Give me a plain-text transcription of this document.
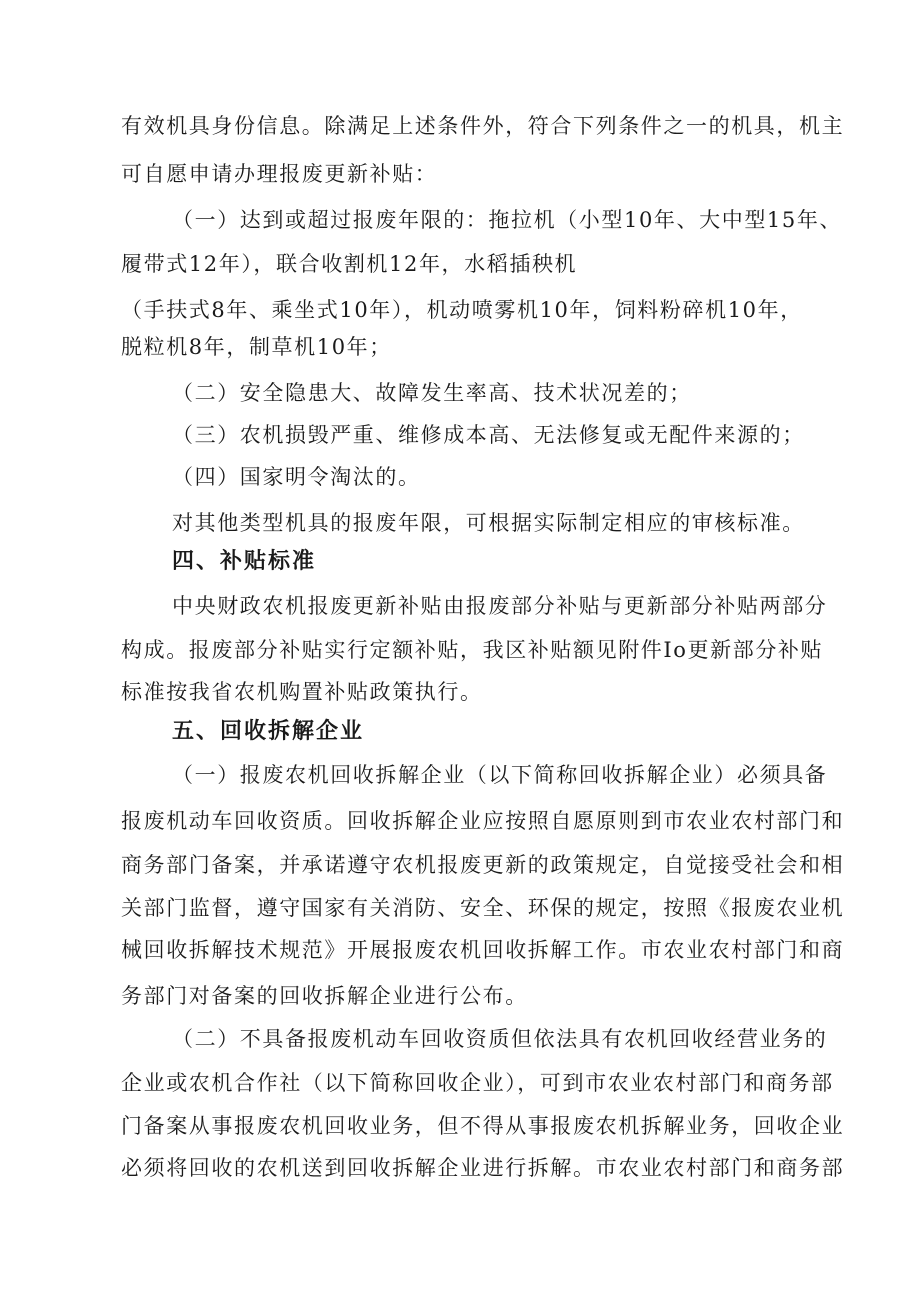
有效机具身份信息。除满足上述条件外，符合下列条件之一的机具，机主

可自愿申请办理报废更新补贴：

（一）达到或超过报废年限的：拖拉机（小型10年、大中型15年、

履带式12年），联合收割机12年，水稻插秧机

（手扶式8年、乘坐式10年），机动喷雾机10年，饲料粉碎机10年，

脱粒机8年，制草机10年；

（二）安全隐患大、故障发生率高、技术状况差的；

（三）农机损毁严重、维修成本高、无法修复或无配件来源的；

（四）国家明令淘汰的。

对其他类型机具的报废年限，可根据实际制定相应的审核标准。

四、补贴标准

中央财政农机报废更新补贴由报废部分补贴与更新部分补贴两部分

构成。报废部分补贴实行定额补贴，我区补贴额见附件Io更新部分补贴

标准按我省农机购置补贴政策执行。

五、回收拆解企业

（一）报废农机回收拆解企业（以下简称回收拆解企业）必须具备

报废机动车回收资质。回收拆解企业应按照自愿原则到市农业农村部门和

商务部门备案，并承诺遵守农机报废更新的政策规定，自觉接受社会和相

关部门监督，遵守国家有关消防、安全、环保的规定，按照《报废农业机

械回收拆解技术规范》开展报废农机回收拆解工作。市农业农村部门和商

务部门对备案的回收拆解企业进行公布。

（二）不具备报废机动车回收资质但依法具有农机回收经营业务的

企业或农机合作社（以下简称回收企业），可到市农业农村部门和商务部

门备案从事报废农机回收业务，但不得从事报废农机拆解业务，回收企业

必须将回收的农机送到回收拆解企业进行拆解。市农业农村部门和商务部
